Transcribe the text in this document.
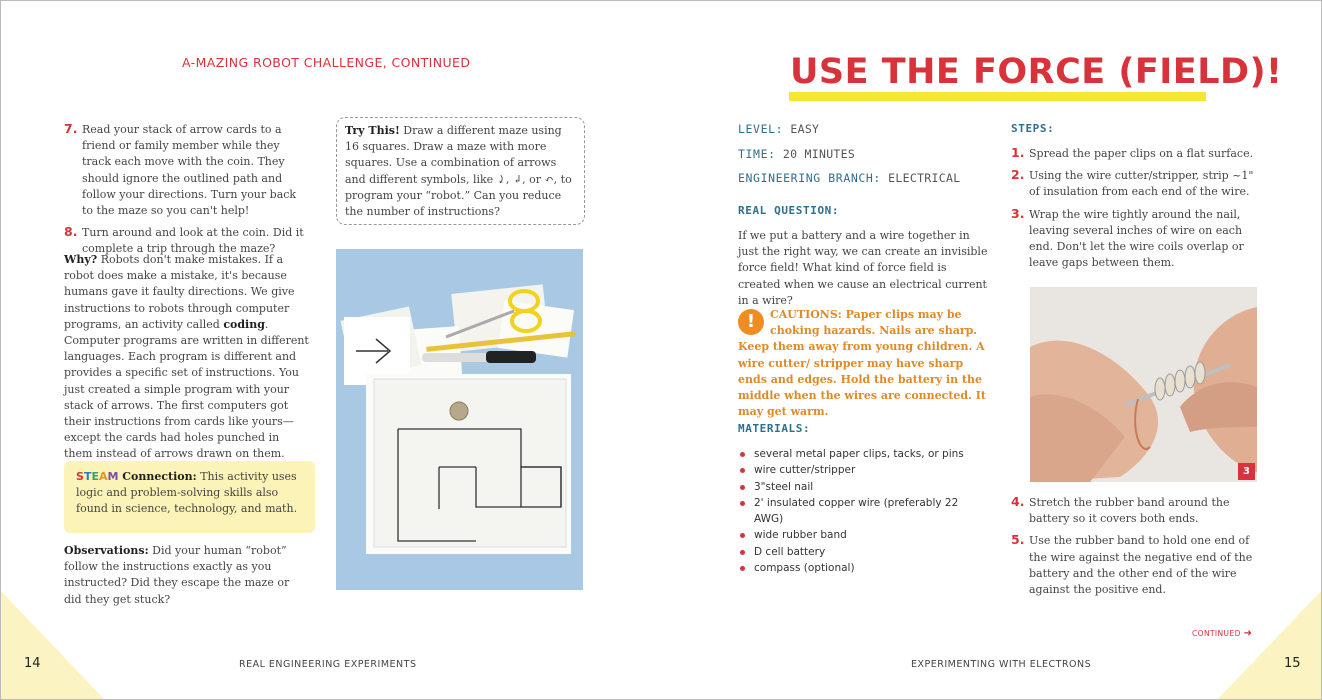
A-MAZING ROBOT CHALLENGE, CONTINUED
7. Read your stack of arrow cards to a friend or family member while they track each move with the coin. They should ignore the outlined path and follow your directions. Turn your back to the maze so you can't help!
8. Turn around and look at the coin. Did it complete a trip through the maze?
Why? Robots don't make mistakes. If a robot does make a mistake, it's because humans gave it faulty directions. We give instructions to robots through computer programs, an activity called coding. Computer programs are written in different languages. Each program is different and provides a specific set of instructions. You just created a simple program with your stack of arrows. The first computers got their instructions from cards like yours—except the cards had holes punched in them instead of arrows drawn on them.
STEAM Connection: This activity uses logic and problem-solving skills also found in science, technology, and math.
Observations: Did your human “robot” follow the instructions exactly as you instructed? Did they escape the maze or did they get stuck?
Try This! Draw a different maze using 16 squares. Draw a maze with more squares. Use a combination of arrows and different symbols, like ⤸, ↲, or ↶, to program your “robot.” Can you reduce the number of instructions?
14	REAL ENGINEERING EXPERIMENTS
USE THE FORCE (FIELD)!
LEVEL: EASY
TIME: 20 MINUTES
ENGINEERING BRANCH: ELECTRICAL
REAL QUESTION:
If we put a battery and a wire together in just the right way, we can create an invisible force field! What kind of force field is created when we cause an electrical current in a wire?
!	CAUTIONS: Paper clips may be choking hazards. Nails are sharp. Keep them away from young children. A wire cutter/ stripper may have sharp ends and edges. Hold the battery in the middle when the wires are connected. It may get warm.
MATERIALS:
several metal paper clips, tacks, or pins
wire cutter/stripper
3"steel nail
2' insulated copper wire (preferably 22 AWG)
wide rubber band
D cell battery
compass (optional)
STEPS:
1. Spread the paper clips on a flat surface.
2. Using the wire cutter/stripper, strip ~1" of insulation from each end of the wire.
3. Wrap the wire tightly around the nail, leaving several inches of wire on each end. Don't let the wire coils overlap or leave gaps between them.
3
4. Stretch the rubber band around the battery so it covers both ends.
5. Use the rubber band to hold one end of the wire against the negative end of the battery and the other end of the wire against the positive end.
CONTINUED ➜
EXPERIMENTING WITH ELECTRONS	15
